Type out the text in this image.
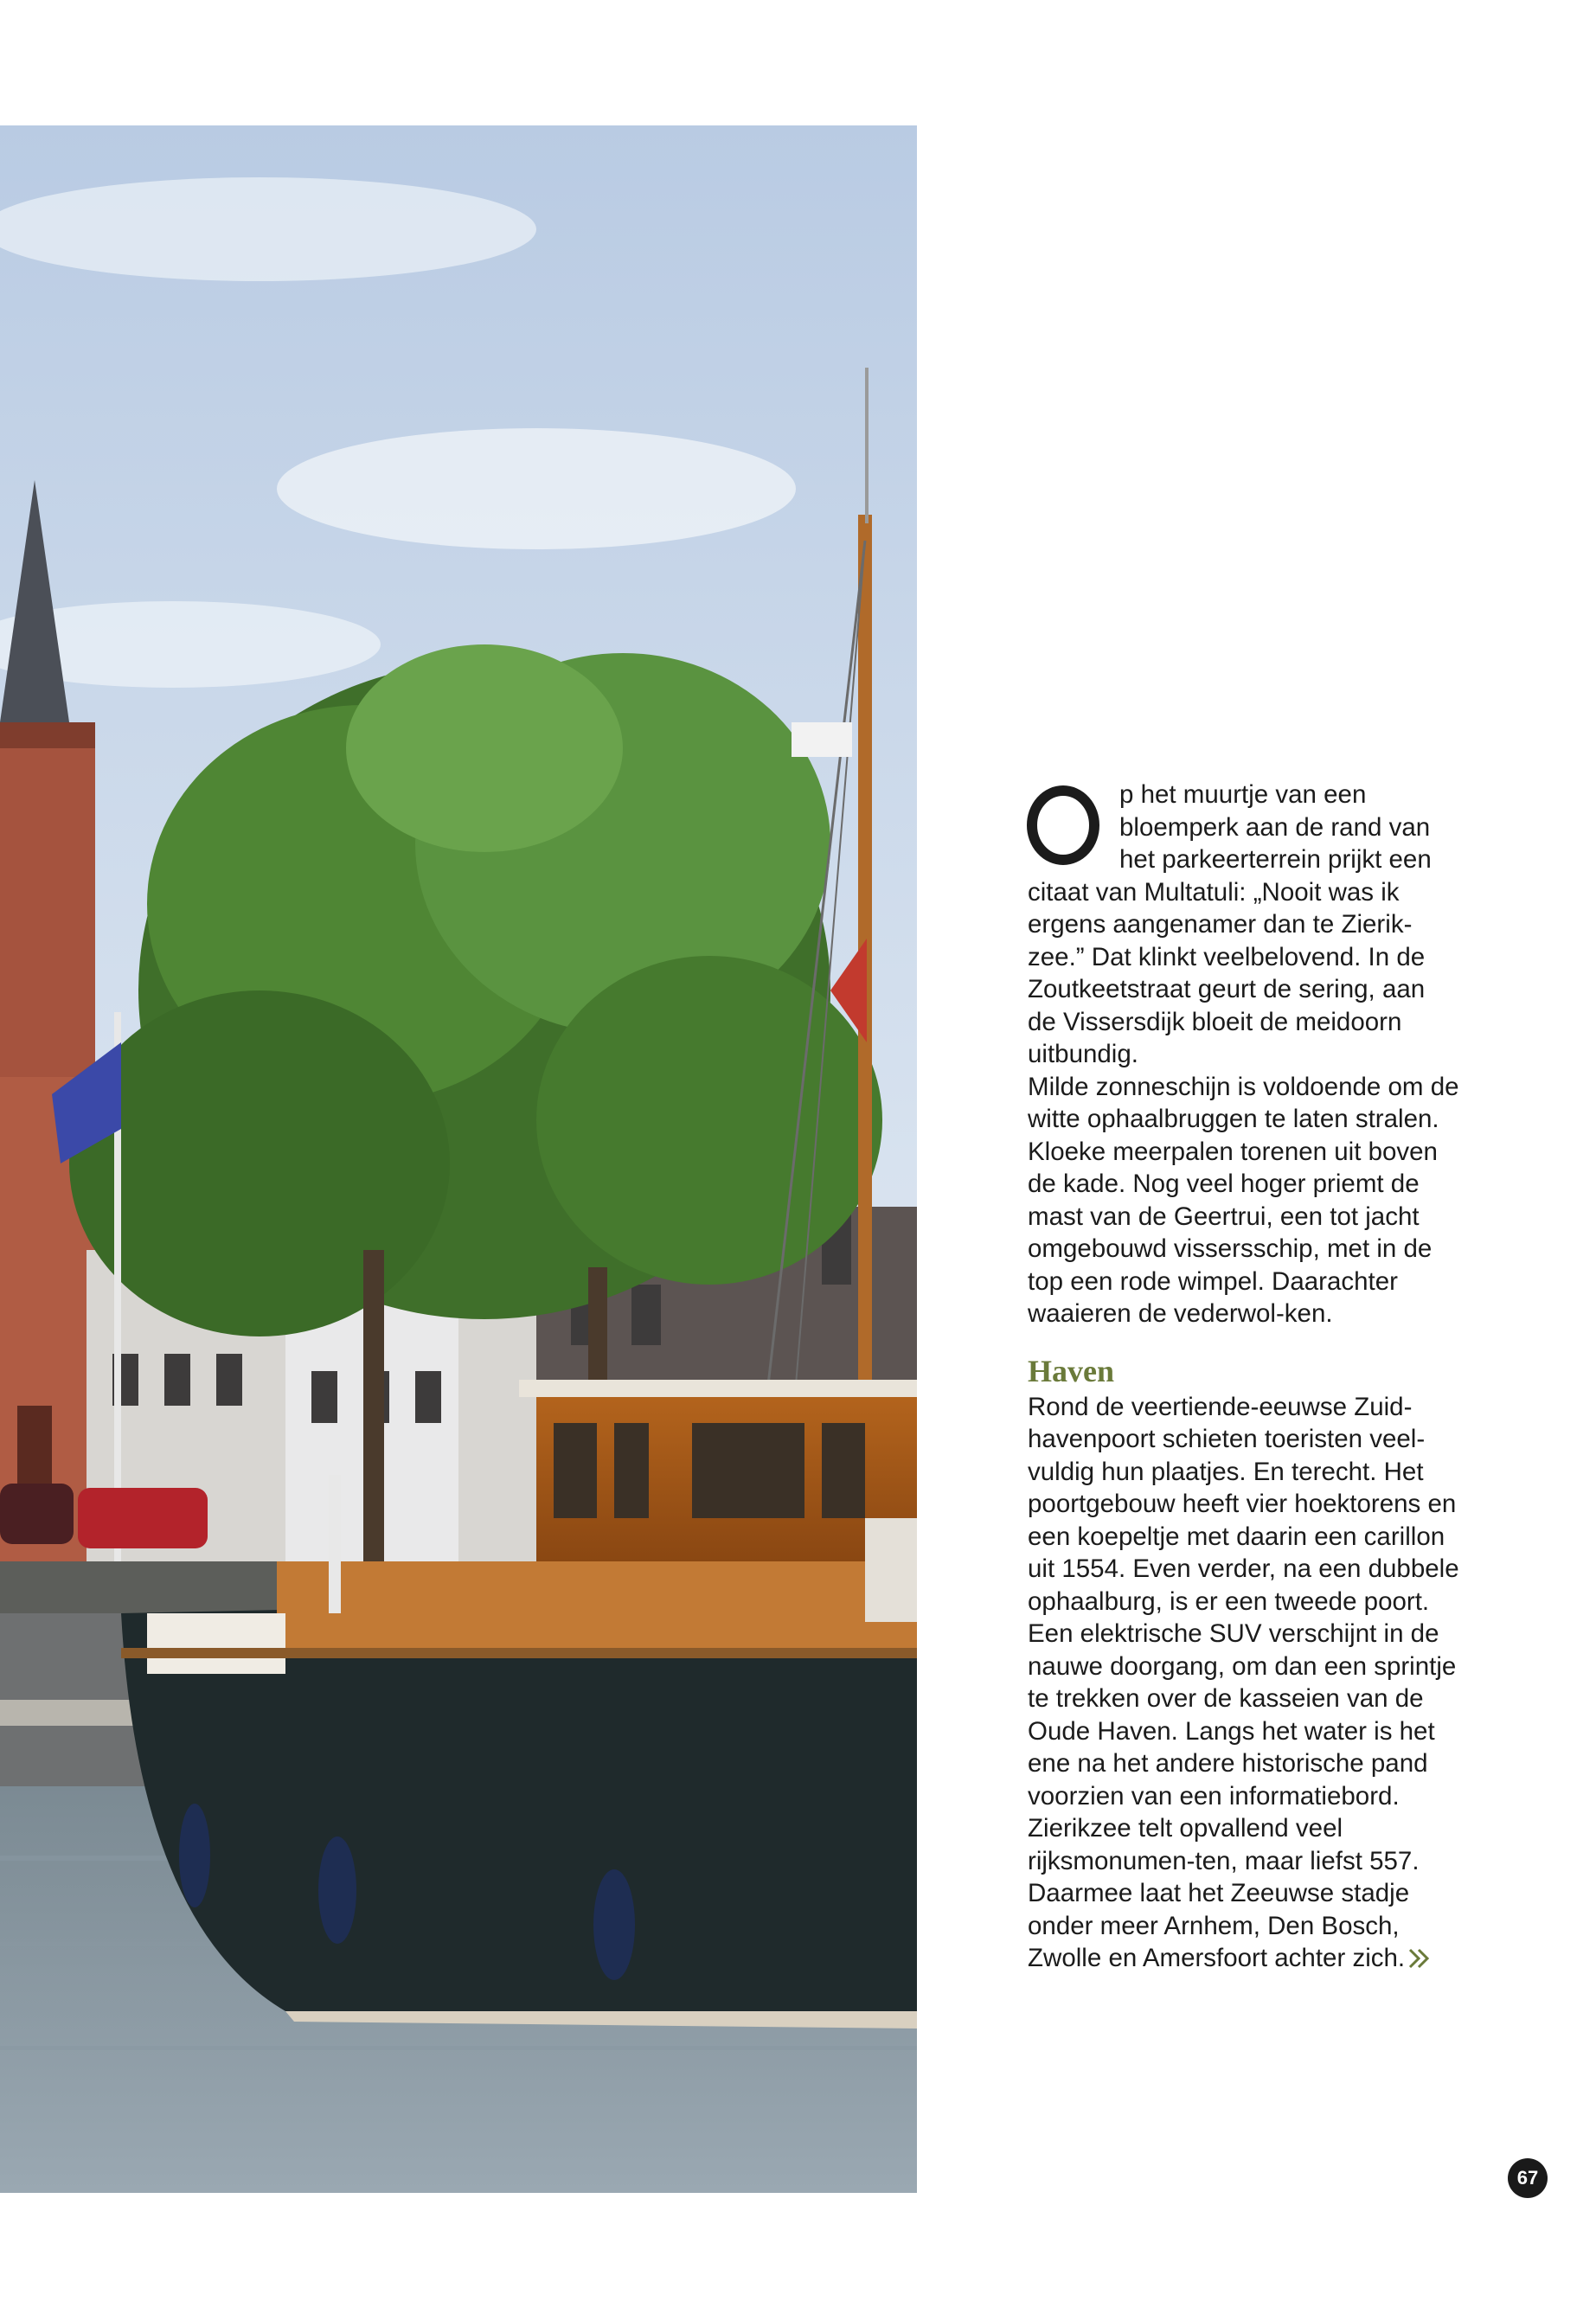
p het muurtje van een

bloemperk aan de rand van

het parkeerterrein prijkt een

citaat van Multatuli: „Nooit was ik ergens aangenamer dan te Zierik-zee.” Dat klinkt veelbelovend. In de Zoutkeetstraat geurt de sering, aan de Vissersdijk bloeit de meidoorn uitbundig.

Milde zonneschijn is voldoende om de witte ophaalbruggen te laten stralen. Kloeke meerpalen torenen uit boven de kade. Nog veel hoger priemt de mast van de Geertrui, een tot jacht omgebouwd vissersschip, met in de top een rode wimpel. Daarachter waaieren de vederwol-ken.

Haven

Rond de veertiende-eeuwse Zuid-havenpoort schieten toeristen veel-vuldig hun plaatjes. En terecht. Het poortgebouw heeft vier hoektorens en een koepeltje met daarin een carillon uit 1554. Even verder, na een dubbele ophaalburg, is er een tweede poort. Een elektrische SUV verschijnt in de nauwe doorgang, om dan een sprintje te trekken over de kasseien van de Oude Haven. Langs het water is het ene na het andere historische pand voorzien van een informatiebord. Zierikzee telt opvallend veel rijksmonumen-ten, maar liefst 557. Daarmee laat het Zeeuwse stadje onder meer Arnhem, Den Bosch, Zwolle en Amersfoort achter zich.

67
